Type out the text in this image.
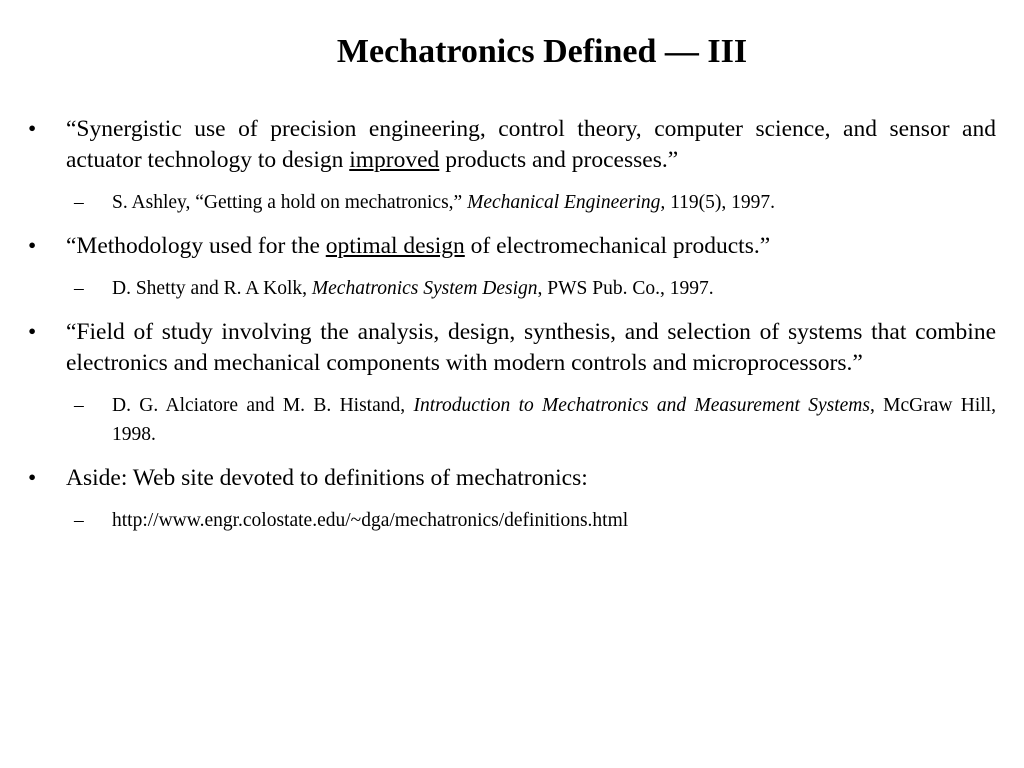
Mechatronics Defined — III
• “Synergistic use of precision engineering, control theory, computer science, and sensor and actuator technology to design improved products and processes.”
– S. Ashley, “Getting a hold on mechatronics,” Mechanical Engineering, 119(5), 1997.
• “Methodology used for the optimal design of electromechanical products.”
– D. Shetty and R. A Kolk, Mechatronics System Design, PWS Pub. Co., 1997.
• “Field of study involving the analysis, design, synthesis, and selection of systems that combine electronics and mechanical components with modern controls and microprocessors.”
– D. G. Alciatore and M. B. Histand, Introduction to Mechatronics and Measurement Systems, McGraw Hill, 1998.
• Aside: Web site devoted to definitions of mechatronics:
– http://www.engr.colostate.edu/~dga/mechatronics/definitions.html
